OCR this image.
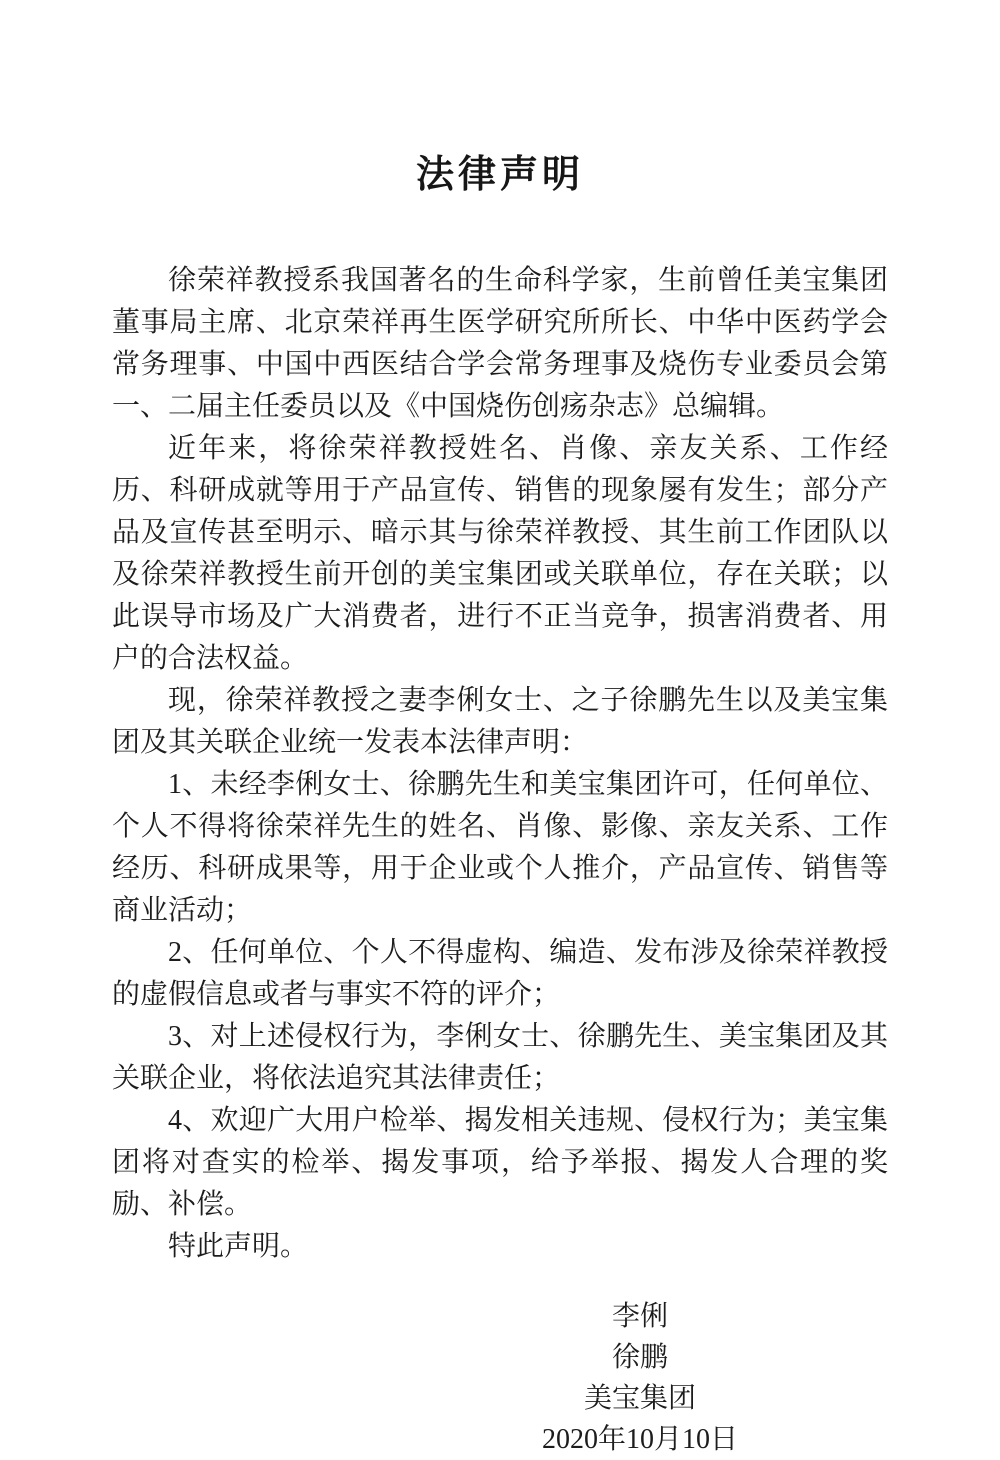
法律声明

徐荣祥教授系我国著名的生命科学家，生前曾任美宝集团董事局主席、北京荣祥再生医学研究所所长、中华中医药学会常务理事、中国中西医结合学会常务理事及烧伤专业委员会第一、二届主任委员以及《中国烧伤创疡杂志》总编辑。

近年来，将徐荣祥教授姓名、肖像、亲友关系、工作经历、科研成就等用于产品宣传、销售的现象屡有发生；部分产品及宣传甚至明示、暗示其与徐荣祥教授、其生前工作团队以及徐荣祥教授生前开创的美宝集团或关联单位，存在关联；以此误导市场及广大消费者，进行不正当竞争，损害消费者、用户的合法权益。

现，徐荣祥教授之妻李俐女士、之子徐鹏先生以及美宝集团及其关联企业统一发表本法律声明：

1、未经李俐女士、徐鹏先生和美宝集团许可，任何单位、个人不得将徐荣祥先生的姓名、肖像、影像、亲友关系、工作经历、科研成果等，用于企业或个人推介，产品宣传、销售等商业活动；

2、任何单位、个人不得虚构、编造、发布涉及徐荣祥教授的虚假信息或者与事实不符的评介；

3、对上述侵权行为，李俐女士、徐鹏先生、美宝集团及其关联企业，将依法追究其法律责任；

4、欢迎广大用户检举、揭发相关违规、侵权行为；美宝集团将对查实的检举、揭发事项，给予举报、揭发人合理的奖励、补偿。

特此声明。

李俐
徐鹏
美宝集团
2020年10月10日
